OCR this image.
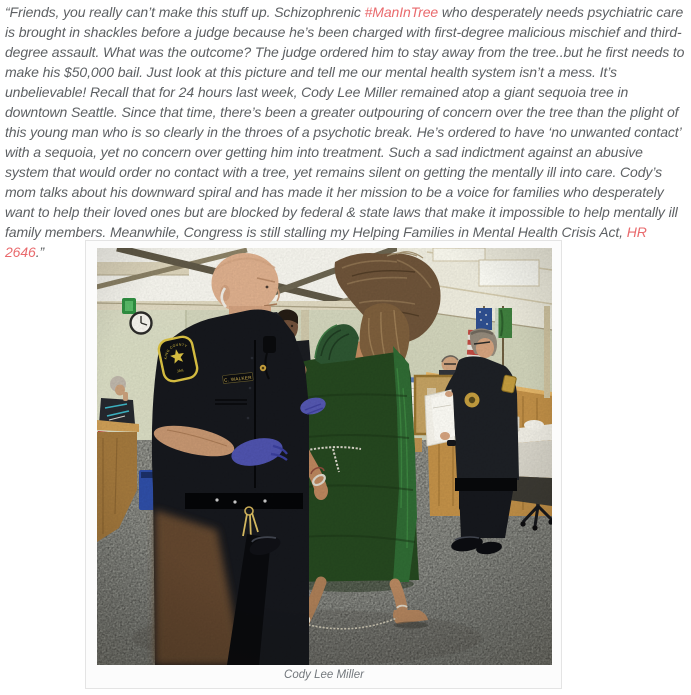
“Friends, you really can’t make this stuff up. Schizophrenic #ManInTree who desperately needs psychiatric care is brought in shackles before a judge because he’s been charged with first-degree malicious mischief and third-degree assault. What was the outcome? The judge ordered him to stay away from the tree..but he first needs to make his $50,000 bail. Just look at this picture and tell me our mental health system isn’t a mess. It’s unbelievable! Recall that for 24 hours last week, Cody Lee Miller remained atop a giant sequoia tree in downtown Seattle. Since that time, there’s been a greater outpouring of concern over the tree than the plight of this young man who is so clearly in the throes of a psychotic break. He’s ordered to have ‘no unwanted contact’ with a sequoia, yet no concern over getting him into treatment. Such a sad indictment against an abusive system that would order no contact with a tree, yet remains silent on getting the mentally ill into care. Cody’s mom talks about his downward spiral and has made it her mission to be a voice for families who desperately want to help their loved ones but are blocked by federal & state laws that make it impossible to help mentally ill family members. Meanwhile, Congress is still stalling my Helping Families in Mental Health Crisis Act, HR 2646.”

Cody Lee Miller
